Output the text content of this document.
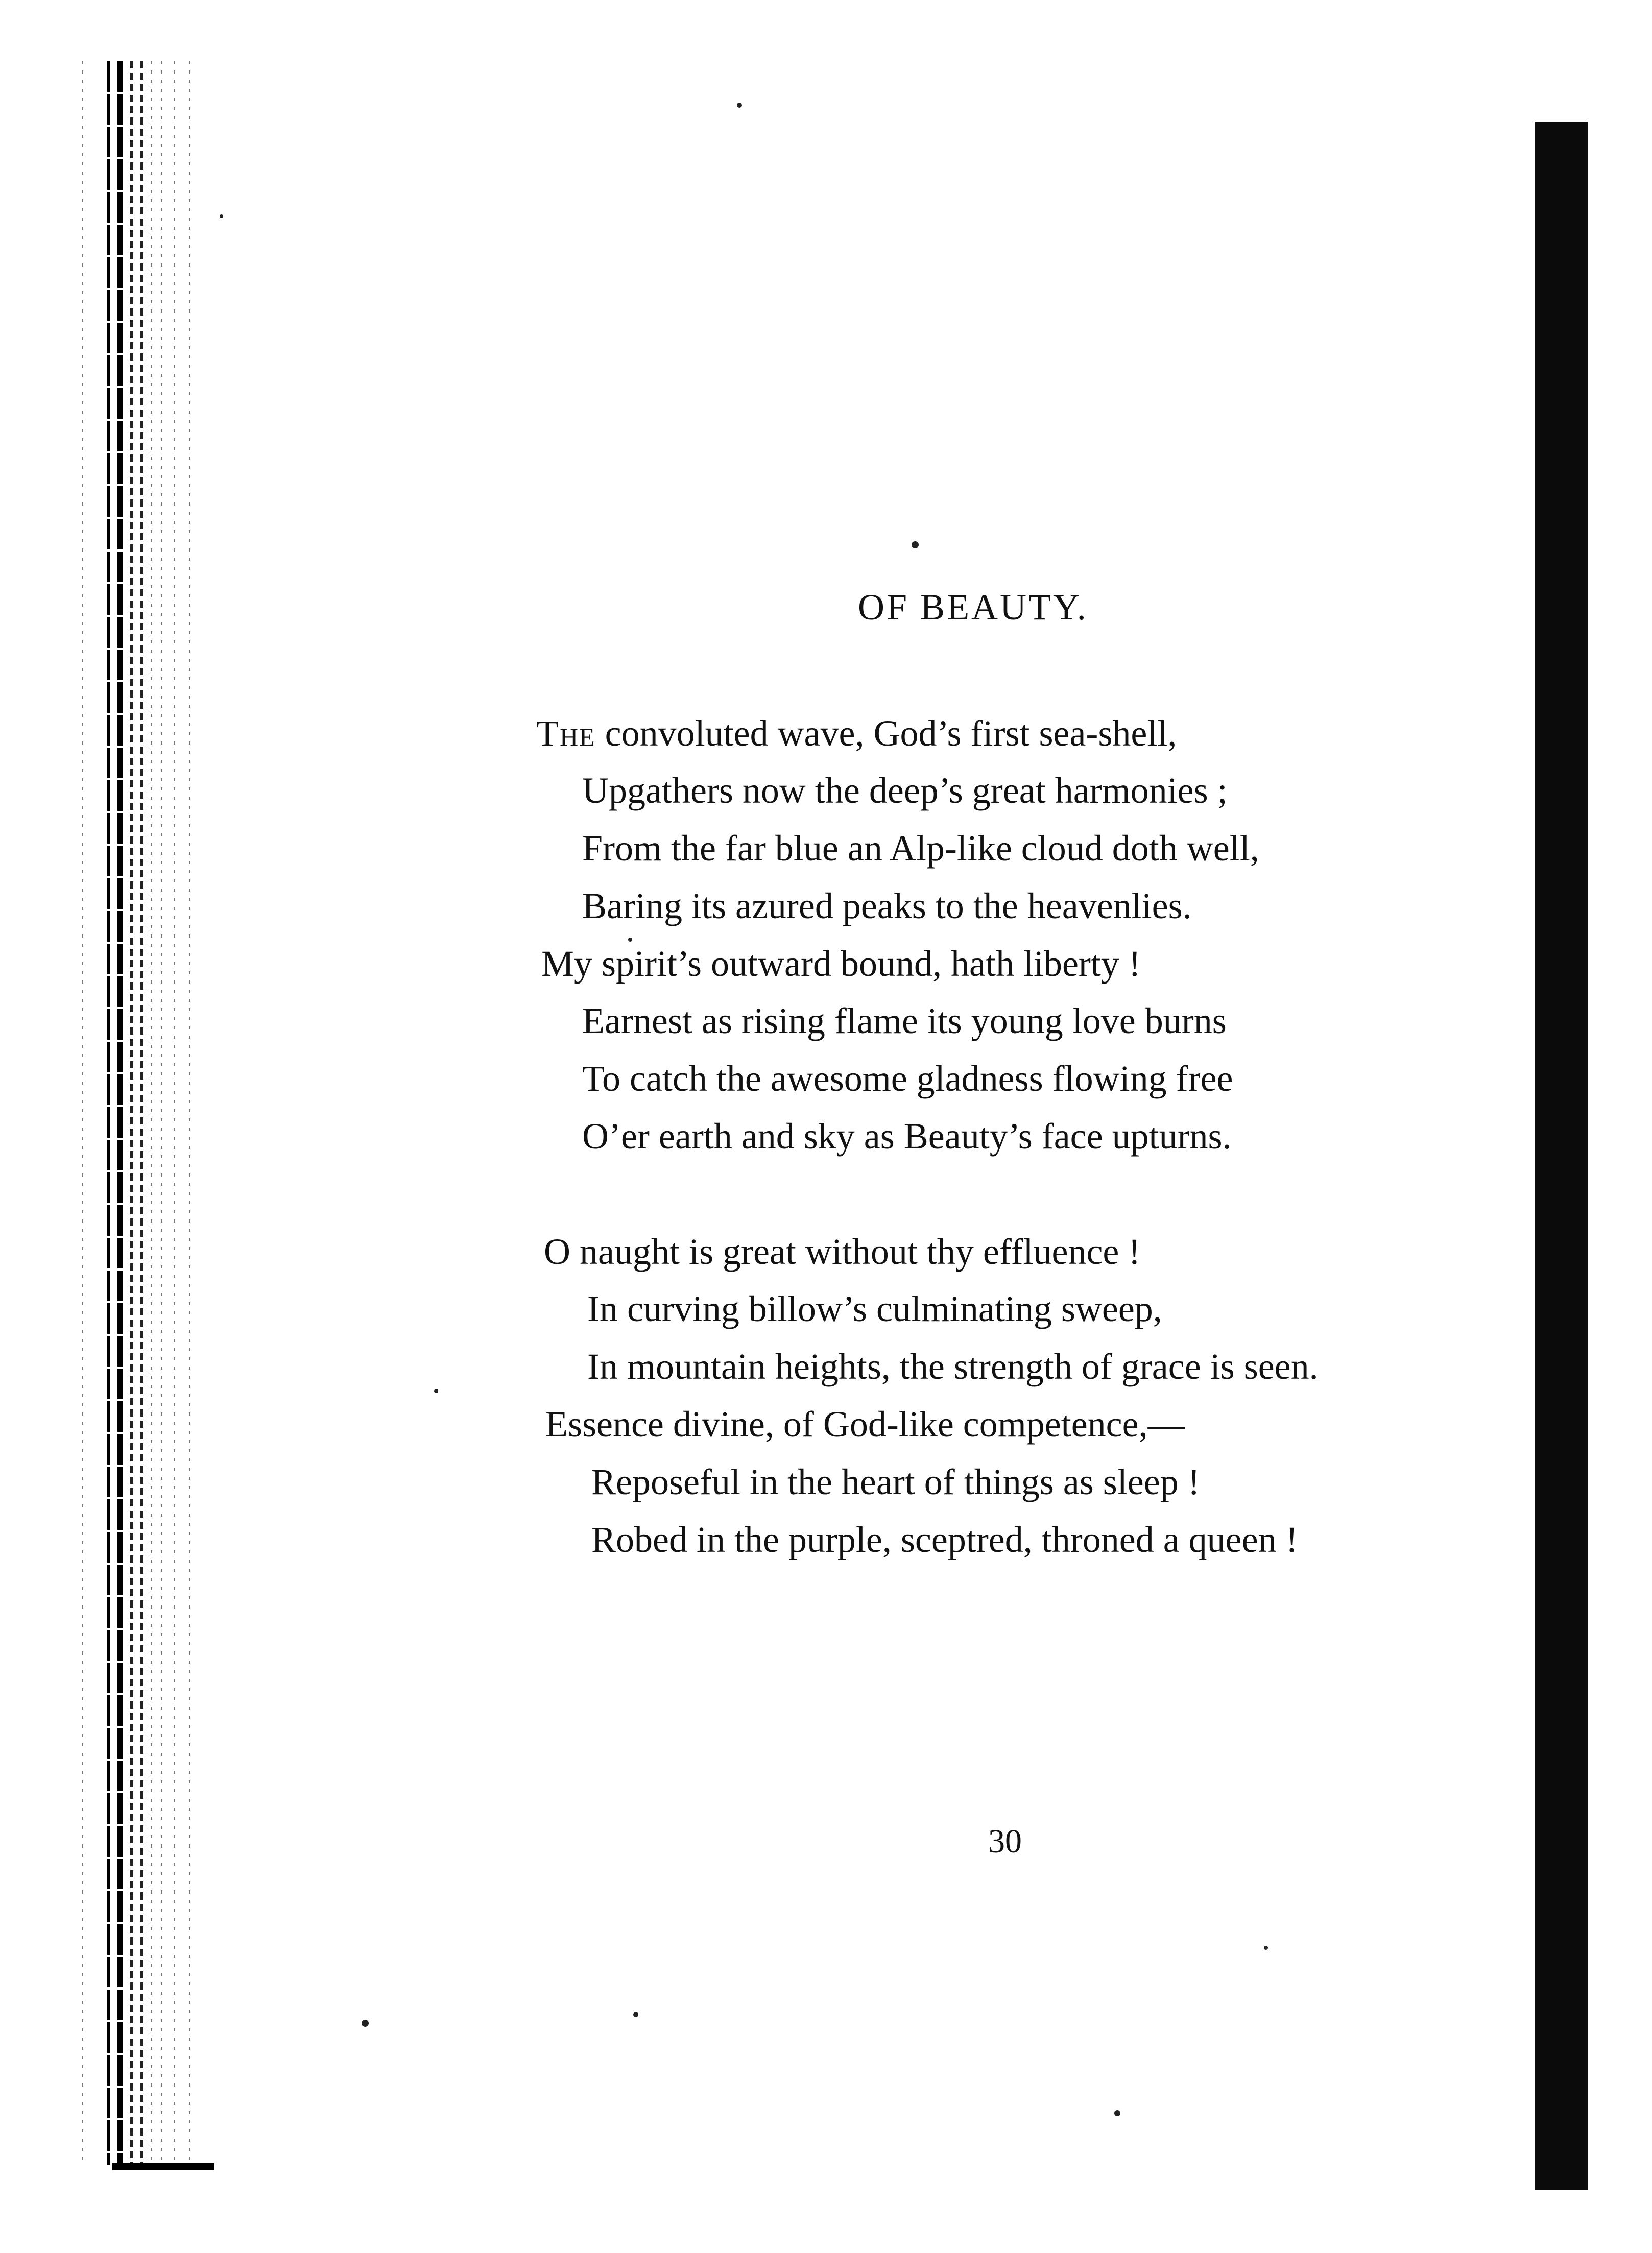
OF BEAUTY.
The convoluted wave, God’s first sea-shell,
Upgathers now the deep’s great harmonies ;
From the far blue an Alp-like cloud doth well,
Baring its azured peaks to the heavenlies.
My spirit’s outward bound, hath liberty !
Earnest as rising flame its young love burns
To catch the awesome gladness flowing free
O’er earth and sky as Beauty’s face upturns.
O naught is great without thy effluence !
In curving billow’s culminating sweep,
In mountain heights, the strength of grace is seen.
Essence divine, of God-like competence,—
Reposeful in the heart of things as sleep !
Robed in the purple, sceptred, throned a queen !
30
